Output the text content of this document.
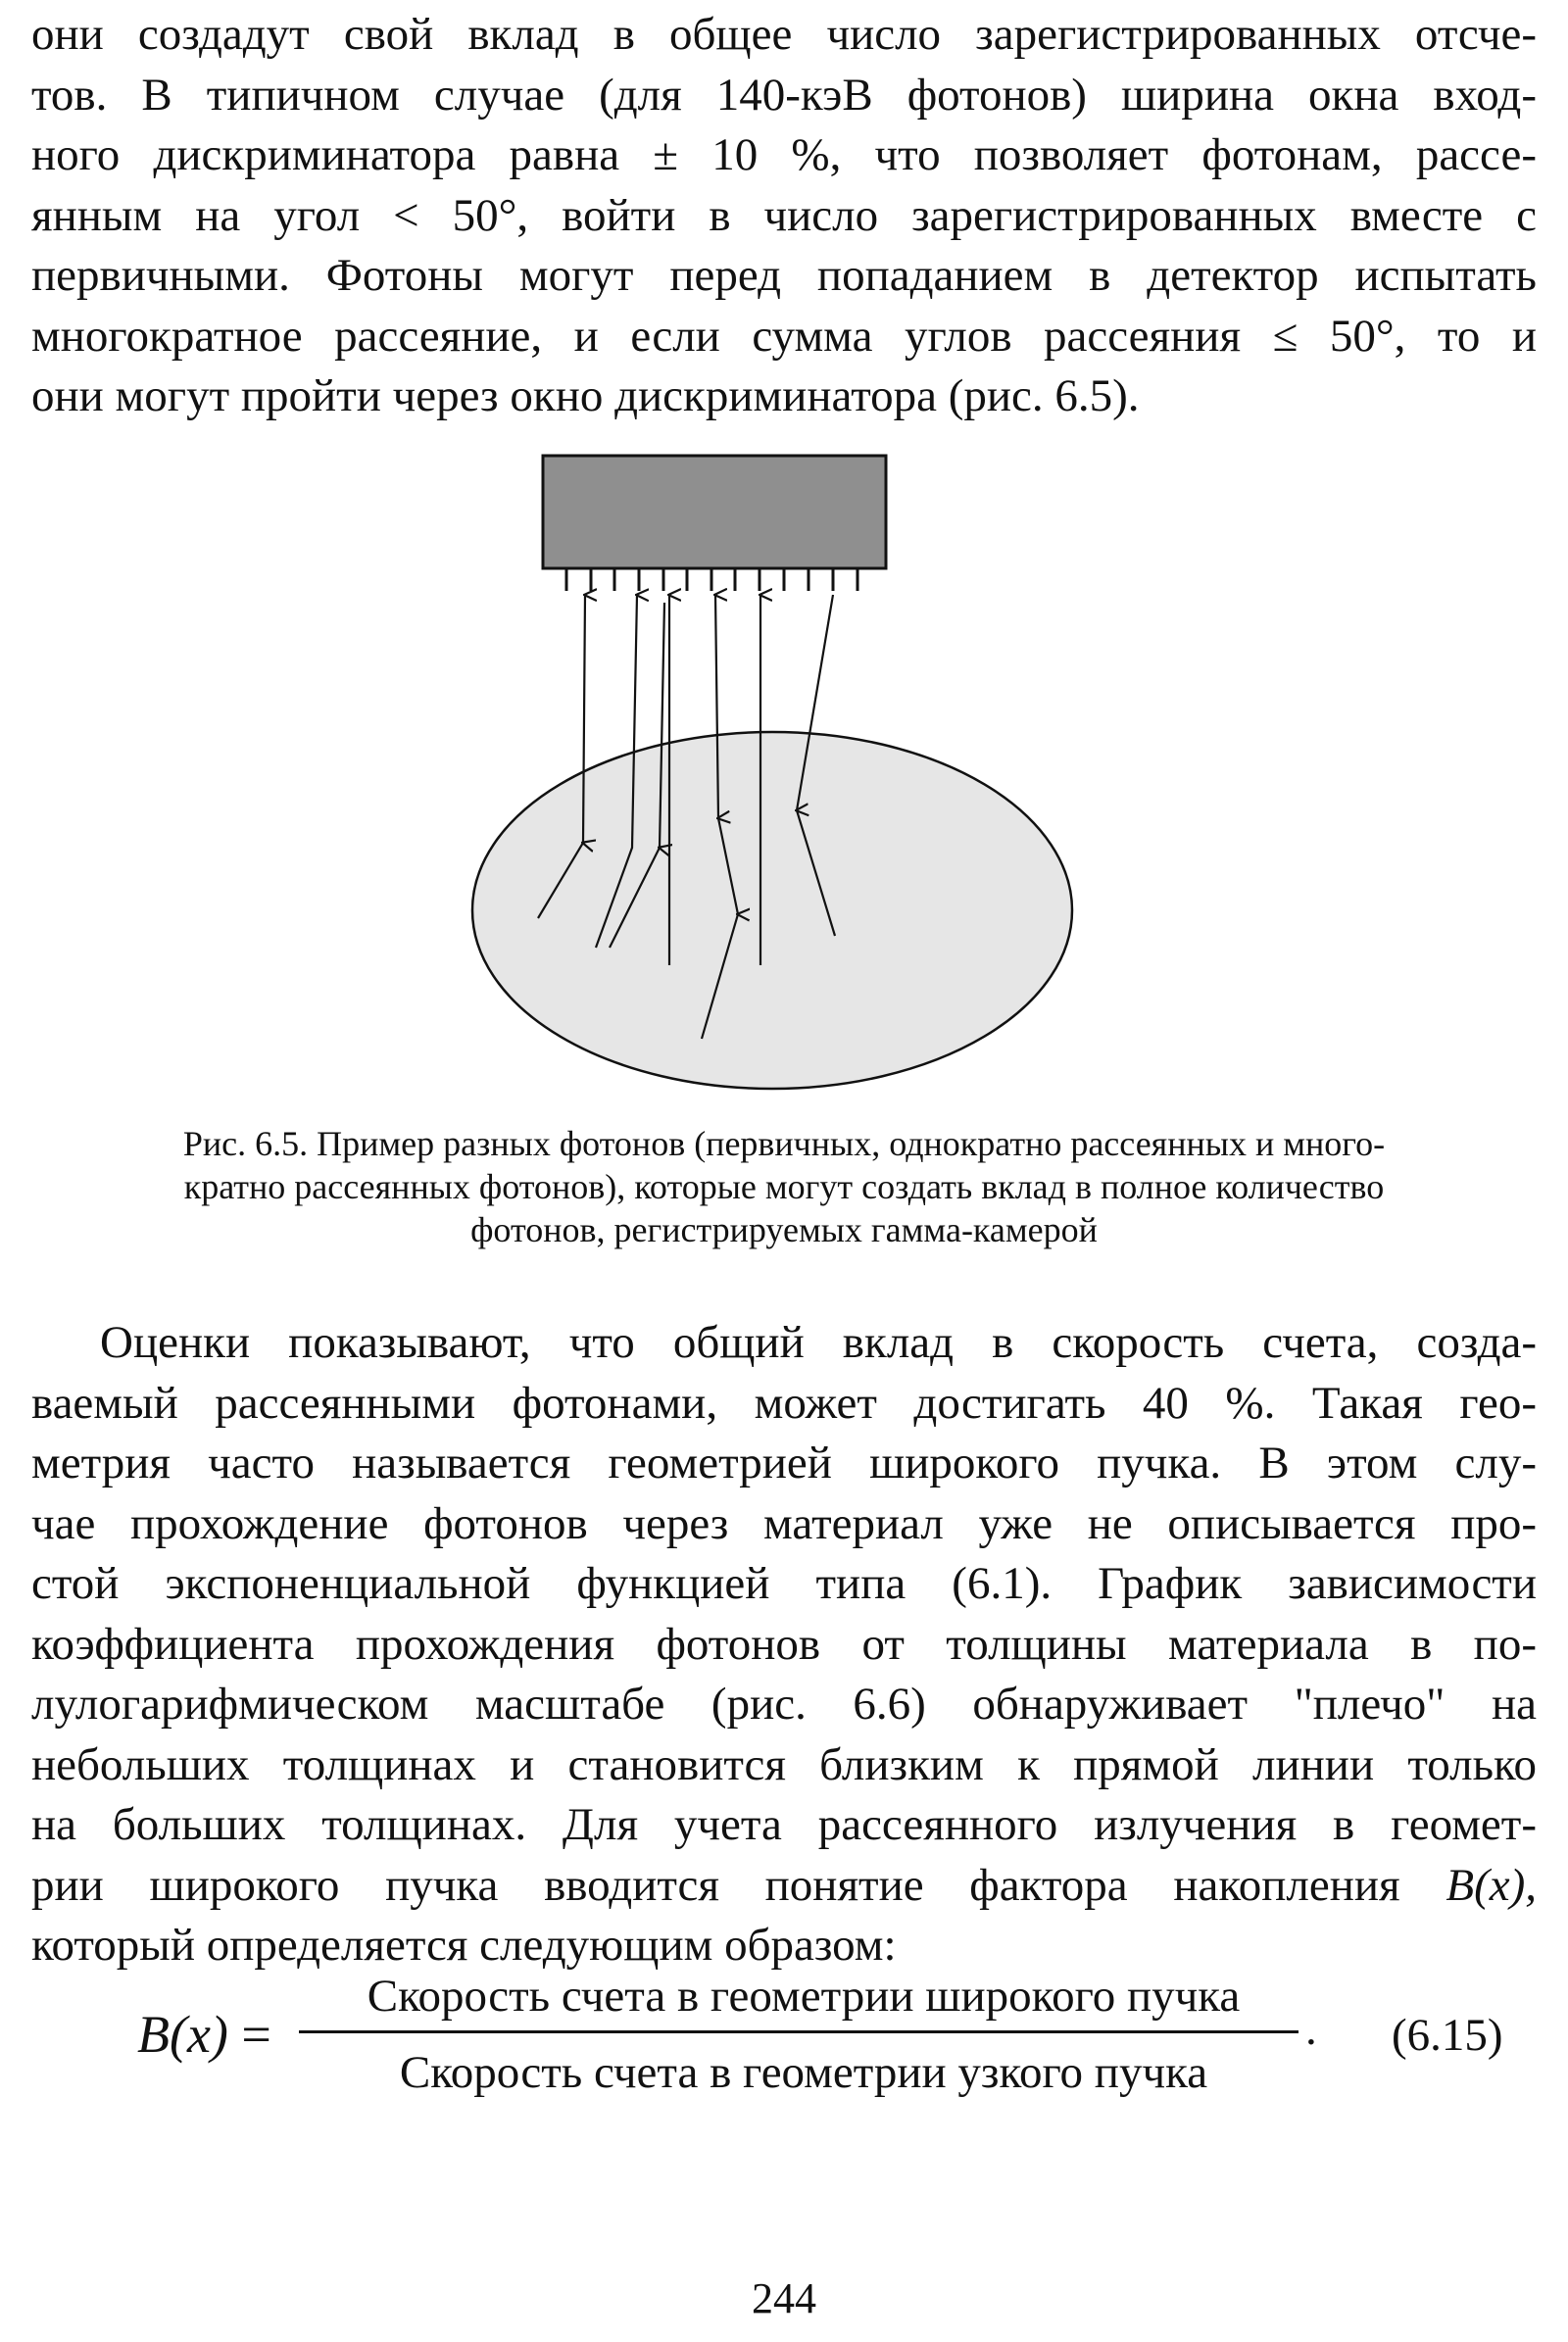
они создадут свой вклад в общее число зарегистрированных отсче-
тов. В типичном случае (для 140-кэВ фотонов) ширина окна вход-
ного дискриминатора равна ± 10 %, что позволяет фотонам, рассе-
янным на угол < 50°, войти в число зарегистрированных вместе с
первичными. Фотоны могут перед попаданием в детектор испытать
многократное рассеяние, и если сумма углов рассеяния ≤ 50°, то и
они могут пройти через окно дискриминатора (рис. 6.5).

Рис. 6.5. Пример разных фотонов (первичных, однократно рассеянных и много-
кратно рассеянных фотонов), которые могут создать вклад в полное количество
фотонов, регистрируемых гамма-камерой

Оценки показывают, что общий вклад в скорость счета, созда-
ваемый рассеянными фотонами, может достигать 40 %. Такая гео-
метрия часто называется геометрией широкого пучка. В этом слу-
чае прохождение фотонов через материал уже не описывается про-
стой экспоненциальной функцией типа (6.1). График зависимости
коэффициента прохождения фотонов от толщины материала в по-
лулогарифмическом масштабе (рис. 6.6) обнаруживает "плечо" на
небольших толщинах и становится близким к прямой линии только
на больших толщинах. Для учета рассеянного излучения в геомет-
рии широкого пучка вводится понятие фактора накопления B(x),
который определяется следующим образом:
B(x) =
Скорость счета в геометрии широкого пучка
Скорость счета в геометрии узкого пучка
. (6.15)
244
